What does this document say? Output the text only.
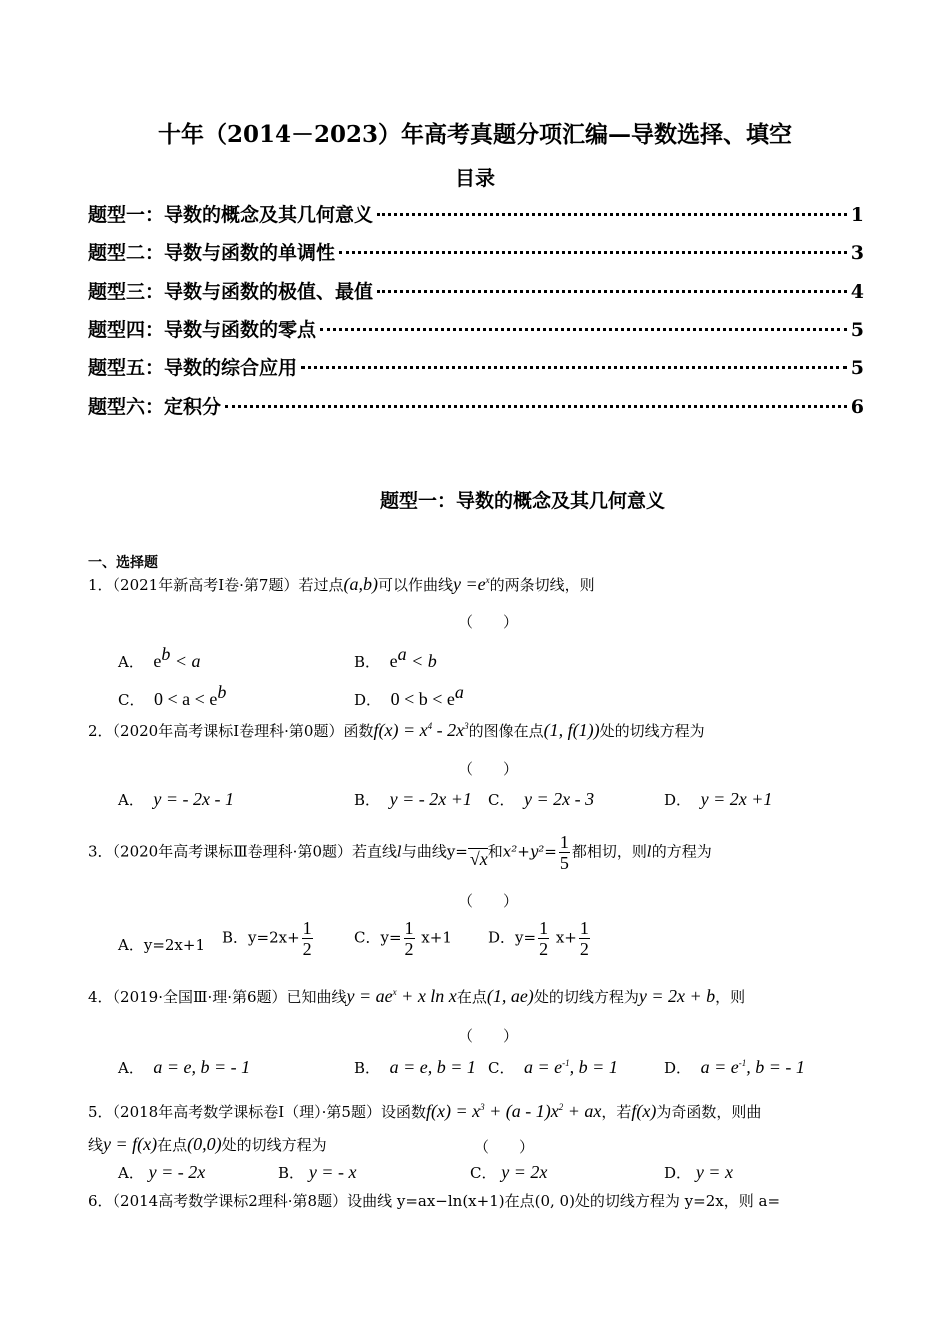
十年（2014－2023）年高考真题分项汇编—导数选择、填空
目录
题型一：导数的概念及其几何意义	1
题型二：导数与函数的单调性	3
题型三：导数与函数的极值、最值	4
题型四：导数与函数的零点	5
题型五：导数的综合应用	5
题型六：定积分	6
题型一：导数的概念及其几何意义
一、选择题
1．（2021年新高考Ⅰ卷·第7题）若过点(a,b)可以作曲线$y =e^x$的两条切线，则
（　　）
A． $e^b < a$	B． $e^a < b$
C． $0 < a < e^b$	D． $0 < b < e^a$
2．（2020年高考课标Ⅰ卷理科·第0题）函数$f(x) = x^4 - 2x^3$的图像在点(1, f(1))处的切线方程为
（　　）
A． y = - 2x - 1	B． y = - 2x +1 C． y = 2x - 3	D． y = 2x +1
3．（2020年高考课标Ⅲ卷理科·第0题）若直线l与曲线y= √x和$x^2+y^2= \frac{1}{5}$ 都相切，则l的方程为
（　　）
A．y=2x+1 B．$y=2x+ \frac{1}{2}$	C．$y= \frac{1}{2} x+1$ D．$y= \frac{1}{2} x+ \frac{1}{2}$
4．（2019·全国Ⅲ·理·第6题）已知曲线$y = ae^x + x$ ln x在点(1, ae)处的切线方程为y = 2x + b，则
（　　）
A． a = e, b = - 1	B． a = e, b = 1 C． $a = e^{-1}$, b = 1	D． $a = e^{-1}$, b = - 1
5．（2018年高考数学课标卷Ⅰ（理）·第5题）设函数$f(x) = x^3 + (a - 1)x^2$ + ax，若f(x)为奇函数，则曲
线y = f(x)在点(0,0)处的切线方程为	（　　）
A． y = - 2x	B． y = - x	C． y = 2x	D． y = x
6．（2014高考数学课标2理科·第8题）设曲线 y=ax−ln(x+1)在点(0, 0)处的切线方程为 y=2x，则 a=
